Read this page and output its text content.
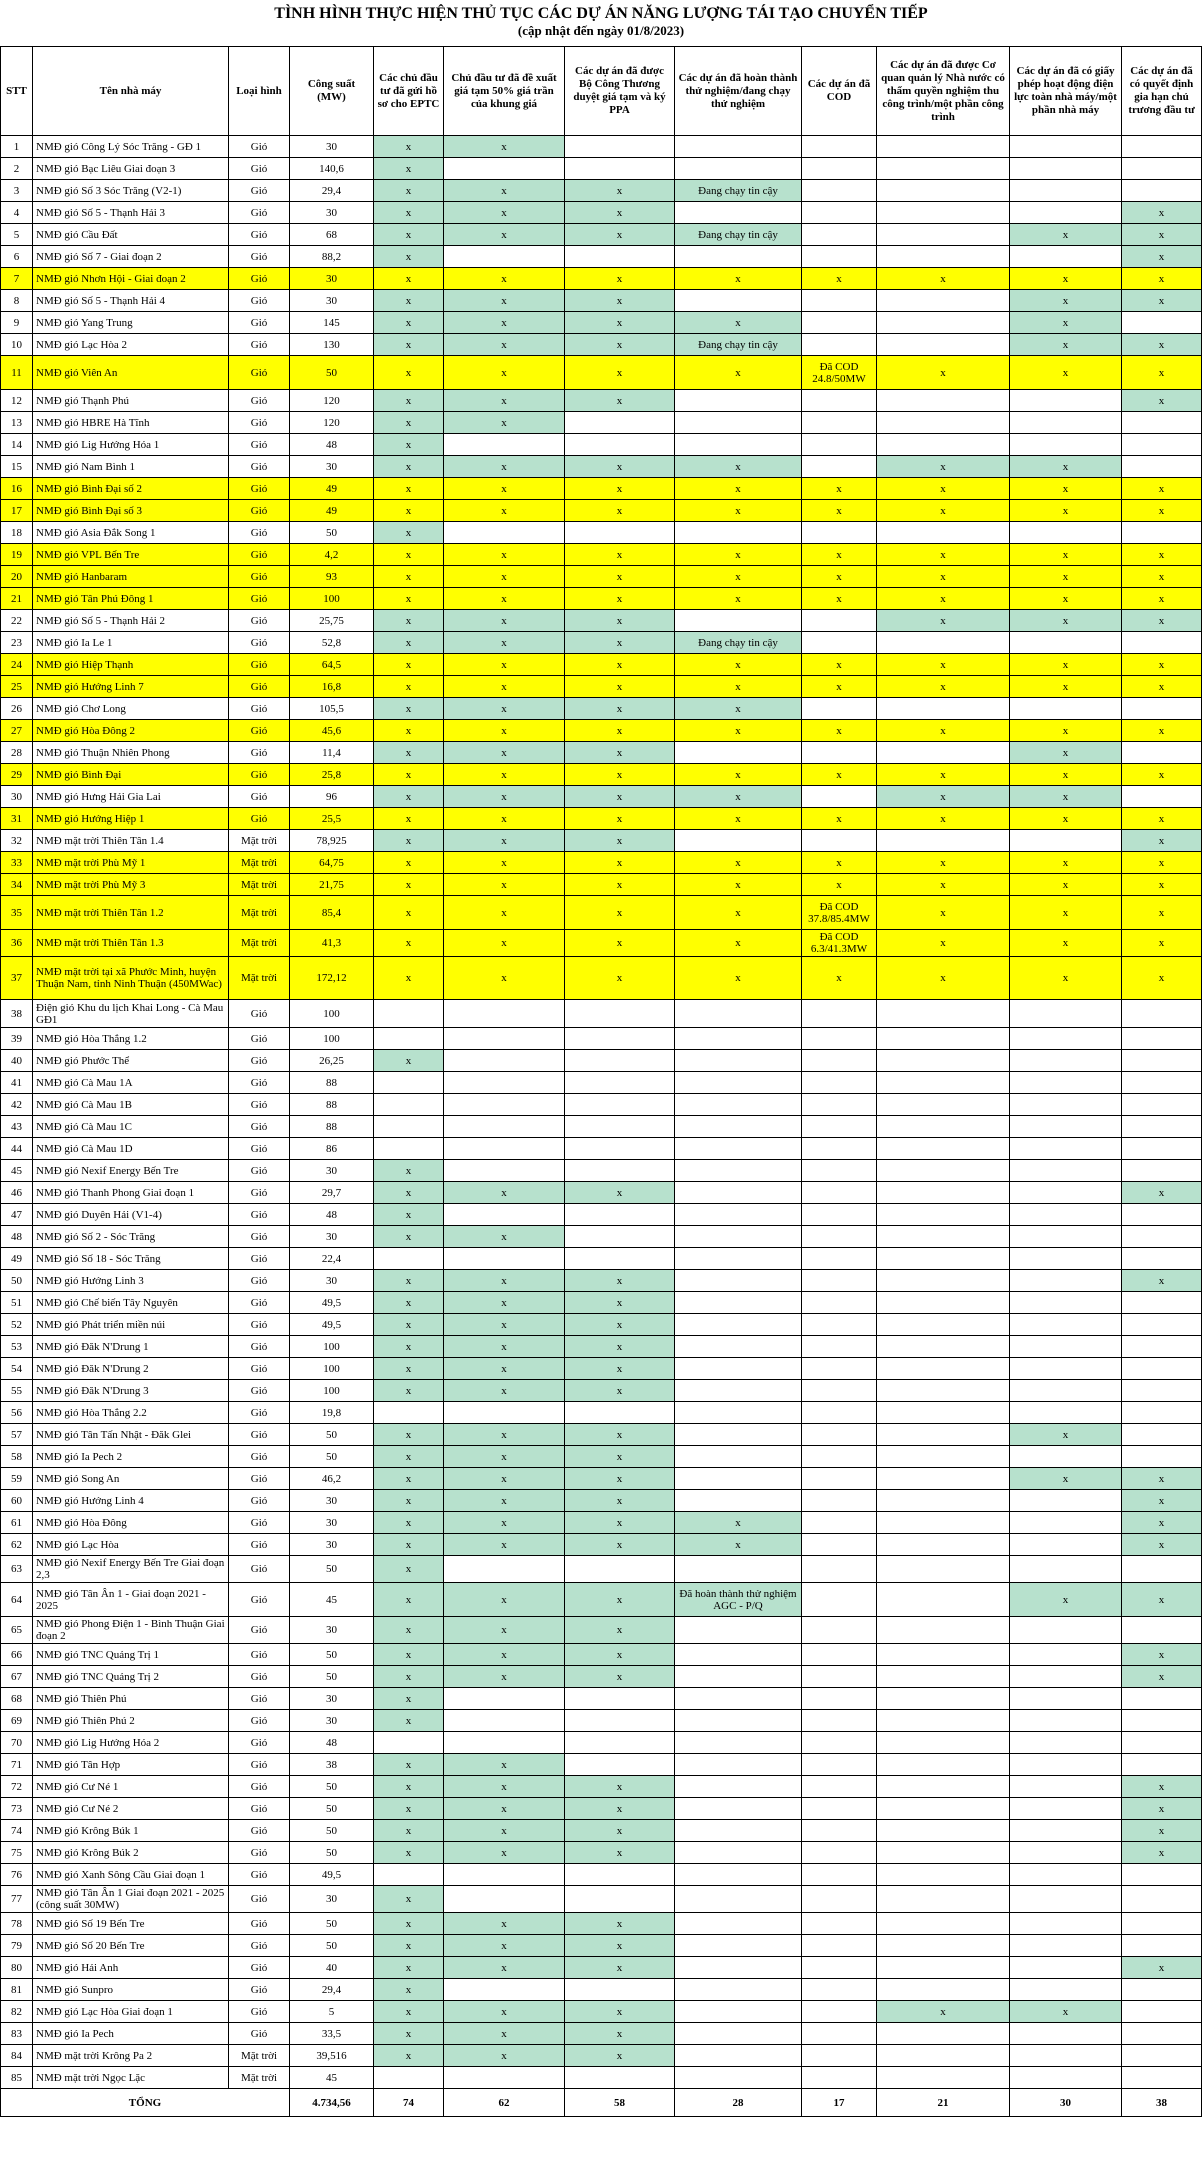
TÌNH HÌNH THỰC HIỆN THỦ TỤC CÁC DỰ ÁN NĂNG LƯỢNG TÁI TẠO CHUYỂN TIẾP
(cập nhật đến ngày 01/8/2023)
STT	Tên nhà máy	Loại hình	Công suất (MW)	Các chủ đầu tư đã gửi hồ sơ cho EPTC	Chủ đầu tư đã đề xuất giá tạm 50% giá trần của khung giá	Các dự án đã được Bộ Công Thương duyệt giá tạm và ký PPA	Các dự án đã hoàn thành thử nghiệm/đang chạy thử nghiệm	Các dự án đã COD	Các dự án đã được Cơ quan quản lý Nhà nước có thẩm quyền nghiệm thu công trình/một phần công trình	Các dự án đã có giấy phép hoạt động điện lực toàn nhà máy/một phần nhà máy	Các dự án đã có quyết định gia hạn chủ trương đầu tư
1	NMĐ gió Công Lý Sóc Trăng - GĐ 1	Gió	30	x	x						
2	NMĐ gió Bạc Liêu Giai đoạn 3	Gió	140,6	x							
3	NMĐ gió Số 3 Sóc Trăng (V2-1)	Gió	29,4	x	x	x	Đang chạy tin cậy				
4	NMĐ gió Số 5 - Thạnh Hải 3	Gió	30	x	x	x					x
5	NMĐ gió Cầu Đất	Gió	68	x	x	x	Đang chạy tin cậy			x	x
6	NMĐ gió Số 7 - Giai đoạn 2	Gió	88,2	x							x
7	NMĐ gió Nhơn Hội - Giai đoạn 2	Gió	30	x	x	x	x	x	x	x	x
8	NMĐ gió Số 5 - Thạnh Hải 4	Gió	30	x	x	x				x	x
9	NMĐ gió Yang Trung	Gió	145	x	x	x	x			x	
10	NMĐ gió Lạc Hòa 2	Gió	130	x	x	x	Đang chạy tin cậy			x	x
11	NMĐ gió Viên An	Gió	50	x	x	x	x	Đã COD 24.8/50MW	x	x	x
12	NMĐ gió Thạnh Phú	Gió	120	x	x	x					x
13	NMĐ gió HBRE Hà Tĩnh	Gió	120	x	x						
14	NMĐ gió Lig Hướng Hóa 1	Gió	48	x							
15	NMĐ gió Nam Bình 1	Gió	30	x	x	x	x		x	x	
16	NMĐ gió Bình Đại số 2	Gió	49	x	x	x	x	x	x	x	x
17	NMĐ gió Bình Đại số 3	Gió	49	x	x	x	x	x	x	x	x
18	NMĐ gió Asia Đắk Song 1	Gió	50	x							
19	NMĐ gió VPL Bến Tre	Gió	4,2	x	x	x	x	x	x	x	x
20	NMĐ gió Hanbaram	Gió	93	x	x	x	x	x	x	x	x
21	NMĐ gió Tân Phú Đông 1	Gió	100	x	x	x	x	x	x	x	x
22	NMĐ gió Số 5 - Thạnh Hải 2	Gió	25,75	x	x	x			x	x	x
23	NMĐ gió Ia Le 1	Gió	52,8	x	x	x	Đang chạy tin cậy				
24	NMĐ gió Hiệp Thạnh	Gió	64,5	x	x	x	x	x	x	x	x
25	NMĐ gió Hướng Linh 7	Gió	16,8	x	x	x	x	x	x	x	x
26	NMĐ gió Chơ Long	Gió	105,5	x	x	x	x				
27	NMĐ gió Hòa Đông 2	Gió	45,6	x	x	x	x	x	x	x	x
28	NMĐ gió Thuận Nhiên Phong	Gió	11,4	x	x	x				x	
29	NMĐ gió Bình Đại	Gió	25,8	x	x	x	x	x	x	x	x
30	NMĐ gió Hưng Hải Gia Lai	Gió	96	x	x	x	x		x	x	
31	NMĐ gió Hướng Hiệp 1	Gió	25,5	x	x	x	x	x	x	x	x
32	NMĐ mặt trời Thiên Tân 1.4	Mặt trời	78,925	x	x	x					x
33	NMĐ mặt trời Phù Mỹ 1	Mặt trời	64,75	x	x	x	x	x	x	x	x
34	NMĐ mặt trời Phù Mỹ 3	Mặt trời	21,75	x	x	x	x	x	x	x	x
35	NMĐ mặt trời Thiên Tân 1.2	Mặt trời	85,4	x	x	x	x	Đã COD 37.8/85.4MW	x	x	x
36	NMĐ mặt trời Thiên Tân 1.3	Mặt trời	41,3	x	x	x	x	Đã COD 6.3/41.3MW	x	x	x
37	NMĐ mặt trời tại xã Phước Minh, huyện Thuận Nam, tỉnh Ninh Thuận (450MWac)	Mặt trời	172,12	x	x	x	x	x	x	x	x
38	Điện gió Khu du lịch Khai Long - Cà Mau GĐ1	Gió	100								
39	NMĐ gió Hòa Thắng 1.2	Gió	100								
40	NMĐ gió Phước Thể	Gió	26,25	x							
41	NMĐ gió Cà Mau 1A	Gió	88								
42	NMĐ gió Cà Mau 1B	Gió	88								
43	NMĐ gió Cà Mau 1C	Gió	88								
44	NMĐ gió Cà Mau 1D	Gió	86								
45	NMĐ gió Nexif Energy Bến Tre	Gió	30	x							
46	NMĐ gió Thanh Phong Giai đoạn 1	Gió	29,7	x	x	x					x
47	NMĐ gió Duyên Hải (V1-4)	Gió	48	x							
48	NMĐ gió Số 2 - Sóc Trăng	Gió	30	x	x						
49	NMĐ gió Số 18 - Sóc Trăng	Gió	22,4								
50	NMĐ gió Hướng Linh 3	Gió	30	x	x	x					x
51	NMĐ gió Chế biến Tây Nguyên	Gió	49,5	x	x	x					
52	NMĐ gió Phát triển miền núi	Gió	49,5	x	x	x					
53	NMĐ gió Đăk N'Drung 1	Gió	100	x	x	x					
54	NMĐ gió Đăk N'Drung 2	Gió	100	x	x	x					
55	NMĐ gió Đăk N'Drung 3	Gió	100	x	x	x					
56	NMĐ gió Hòa Thắng 2.2	Gió	19,8								
57	NMĐ gió Tân Tấn Nhật - Đăk Glei	Gió	50	x	x	x				x	
58	NMĐ gió Ia Pech 2	Gió	50	x	x	x					
59	NMĐ gió Song An	Gió	46,2	x	x	x				x	x
60	NMĐ gió Hướng Linh 4	Gió	30	x	x	x					x
61	NMĐ gió Hòa Đông	Gió	30	x	x	x	x				x
62	NMĐ gió Lạc Hòa	Gió	30	x	x	x	x				x
63	NMĐ gió Nexif Energy Bến Tre Giai đoạn 2,3	Gió	50	x							
64	NMĐ gió Tân Ân 1 - Giai đoạn 2021 - 2025	Gió	45	x	x	x	Đã hoàn thành thử nghiệm AGC - P/Q			x	x
65	NMĐ gió Phong Điện 1 - Bình Thuận Giai đoạn 2	Gió	30	x	x	x					
66	NMĐ gió TNC Quảng Trị 1	Gió	50	x	x	x					x
67	NMĐ gió TNC Quảng Trị 2	Gió	50	x	x	x					x
68	NMĐ gió Thiên Phú	Gió	30	x							
69	NMĐ gió Thiên Phú 2	Gió	30	x							
70	NMĐ gió Lig Hướng Hóa 2	Gió	48								
71	NMĐ gió Tân Hợp	Gió	38	x	x						
72	NMĐ gió Cư Né 1	Gió	50	x	x	x					x
73	NMĐ gió Cư Né 2	Gió	50	x	x	x					x
74	NMĐ gió Krông Búk 1	Gió	50	x	x	x					x
75	NMĐ gió Krông Búk 2	Gió	50	x	x	x					x
76	NMĐ gió Xanh Sông Cầu Giai đoạn 1	Gió	49,5								
77	NMĐ gió Tân Ân 1 Giai đoạn 2021 - 2025 (công suất 30MW)	Gió	30	x							
78	NMĐ gió Số 19 Bến Tre	Gió	50	x	x	x					
79	NMĐ gió Số 20 Bến Tre	Gió	50	x	x	x					
80	NMĐ gió Hải Anh	Gió	40	x	x	x					x
81	NMĐ gió Sunpro	Gió	29,4	x							
82	NMĐ gió Lạc Hòa Giai đoạn 1	Gió	5	x	x	x			x	x	
83	NMĐ gió Ia Pech	Gió	33,5	x	x	x					
84	NMĐ mặt trời Krông Pa 2	Mặt trời	39,516	x	x	x					
85	NMĐ mặt trời Ngọc Lặc	Mặt trời	45								
TỔNG			4.734,56	74	62	58	28	17	21	30	38
